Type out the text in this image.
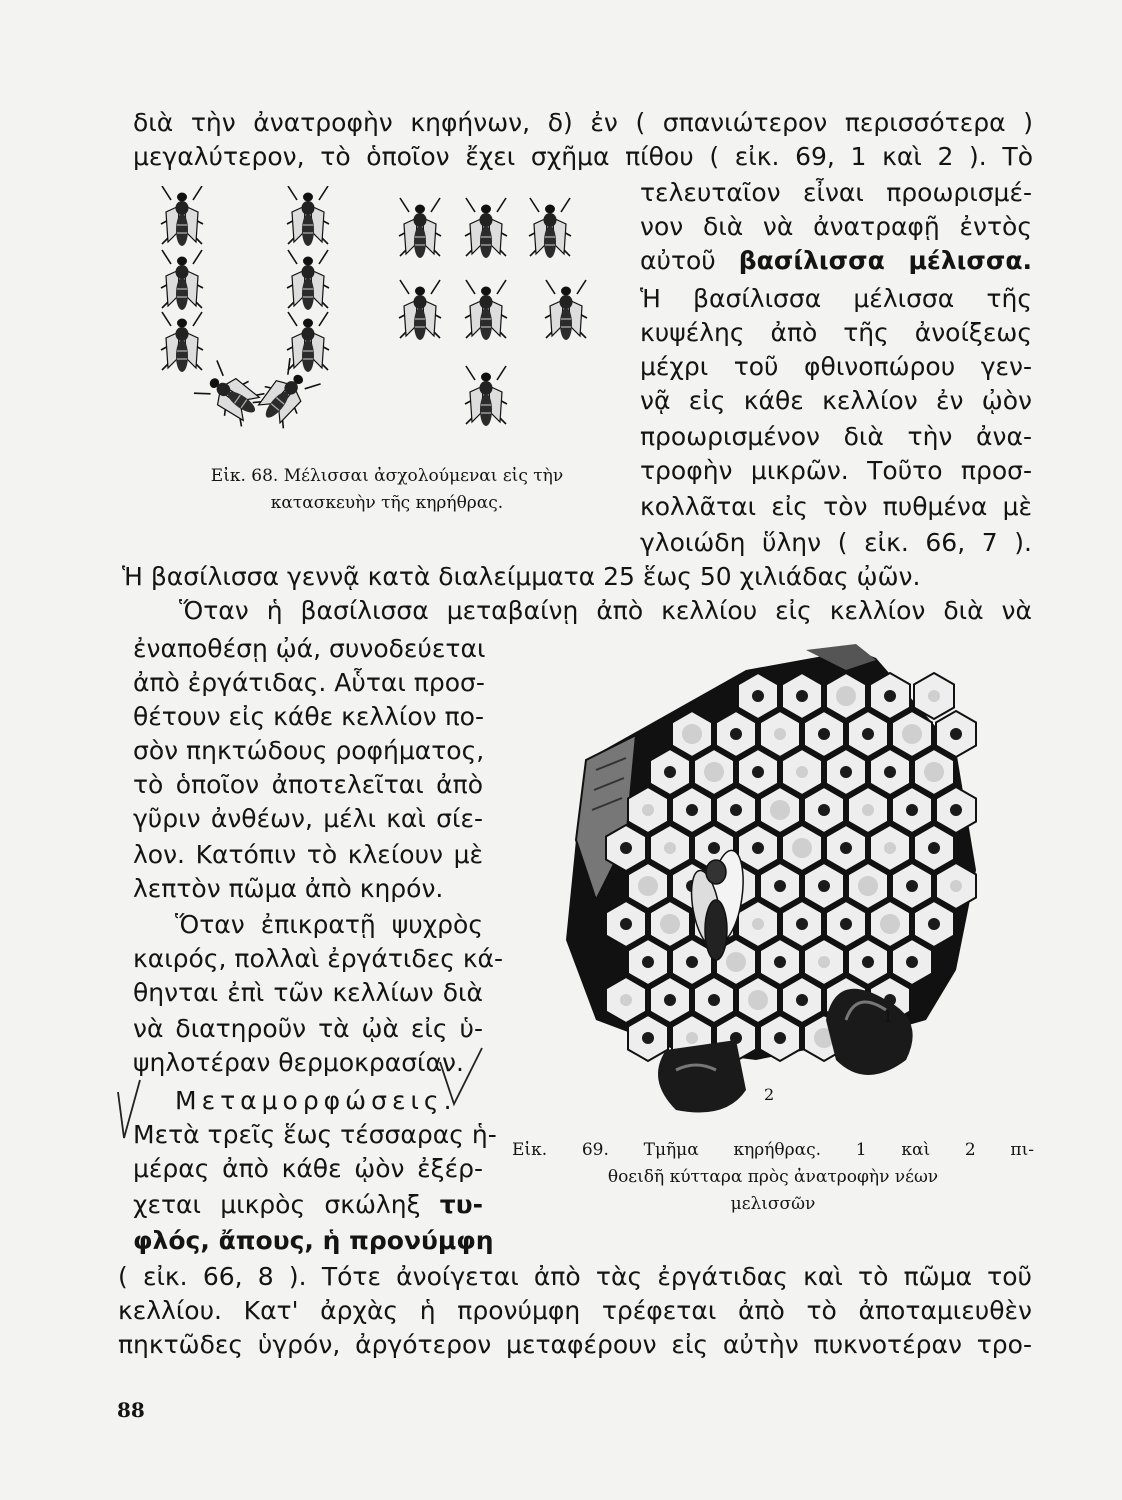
διὰ τὴν ἀνατροφὴν κηφήνων, δ) ἐν ( σπανιώτερον περισσότερα )
μεγαλύτερον, τὸ ὁποῖον ἔχει σχῆμα πίθου ( εἰκ. 69, 1 καὶ 2 ). Τὸ
Εἰκ. 68. Μέλισσαι ἀσχολούμεναι εἰς τὴν
κατασκευὴν τῆς κηρήθρας.
τελευταῖον εἶναι προωρισμέ-
νον διὰ νὰ ἀνατραφῇ ἐντὸς
αὐτοῦ βασίλισσα μέλισσα.
Ἡ βασίλισσα μέλισσα τῆς
κυψέλης ἀπὸ τῆς ἀνοίξεως
μέχρι τοῦ φθινοπώρου γεν-
νᾷ εἰς κάθε κελλίον ἐν ᾠὸν
προωρισμένον διὰ τὴν ἀνα-
τροφὴν μικρῶν. Τοῦτο προσ-
κολλᾶται εἰς τὸν πυθμένα μὲ
γλοιώδη ὕλην ( εἰκ. 66, 7 ).
Ἡ βασίλισσα γεννᾷ κατὰ διαλείμματα 25 ἕως 50 χιλιάδας ᾠῶν.
Ὅταν ἡ βασίλισσα μεταβαίνῃ ἀπὸ κελλίου εἰς κελλίον διὰ νὰ
ἐναποθέσῃ ᾠά, συνοδεύεται
ἀπὸ ἐργάτιδας. Αὗται προσ-
θέτουν εἰς κάθε κελλίον πο-
σὸν πηκτώδους ροφήματος,
τὸ ὁποῖον ἀποτελεῖται ἀπὸ
γῦριν ἀνθέων, μέλι καὶ σίε-
λον. Κατόπιν τὸ κλείουν μὲ
λεπτὸν πῶμα ἀπὸ κηρόν.
Ὅταν ἐπικρατῇ ψυχρὸς
καιρός, πολλαὶ ἐργάτιδες κά-
θηνται ἐπὶ τῶν κελλίων διὰ
νὰ διατηροῦν τὰ ᾠὰ εἰς ὑ-
ψηλοτέραν θερμοκρασίαν.
Μεταμορφώσεις.
Μετὰ τρεῖς ἕως τέσσαρας ἡ-
μέρας ἀπὸ κάθε ᾠὸν ἐξέρ-
χεται μικρὸς σκώληξ τυ-
φλός, ἄπους, ἡ προνύμφη
1
2
Εἰκ. 69. Τμῆμα κηρήθρας. 1 καὶ 2 πι-
θοειδῆ κύτταρα πρὸς ἀνατροφὴν νέων
μελισσῶν
( εἰκ. 66, 8 ). Τότε ἀνοίγεται ἀπὸ τὰς ἐργάτιδας καὶ τὸ πῶμα τοῦ
κελλίου. Κατ' ἀρχὰς ἡ προνύμφη τρέφεται ἀπὸ τὸ ἀποταμιευθὲν
πηκτῶδες ὑγρόν, ἀργότερον μεταφέρουν εἰς αὐτὴν πυκνοτέραν τρο-
88
